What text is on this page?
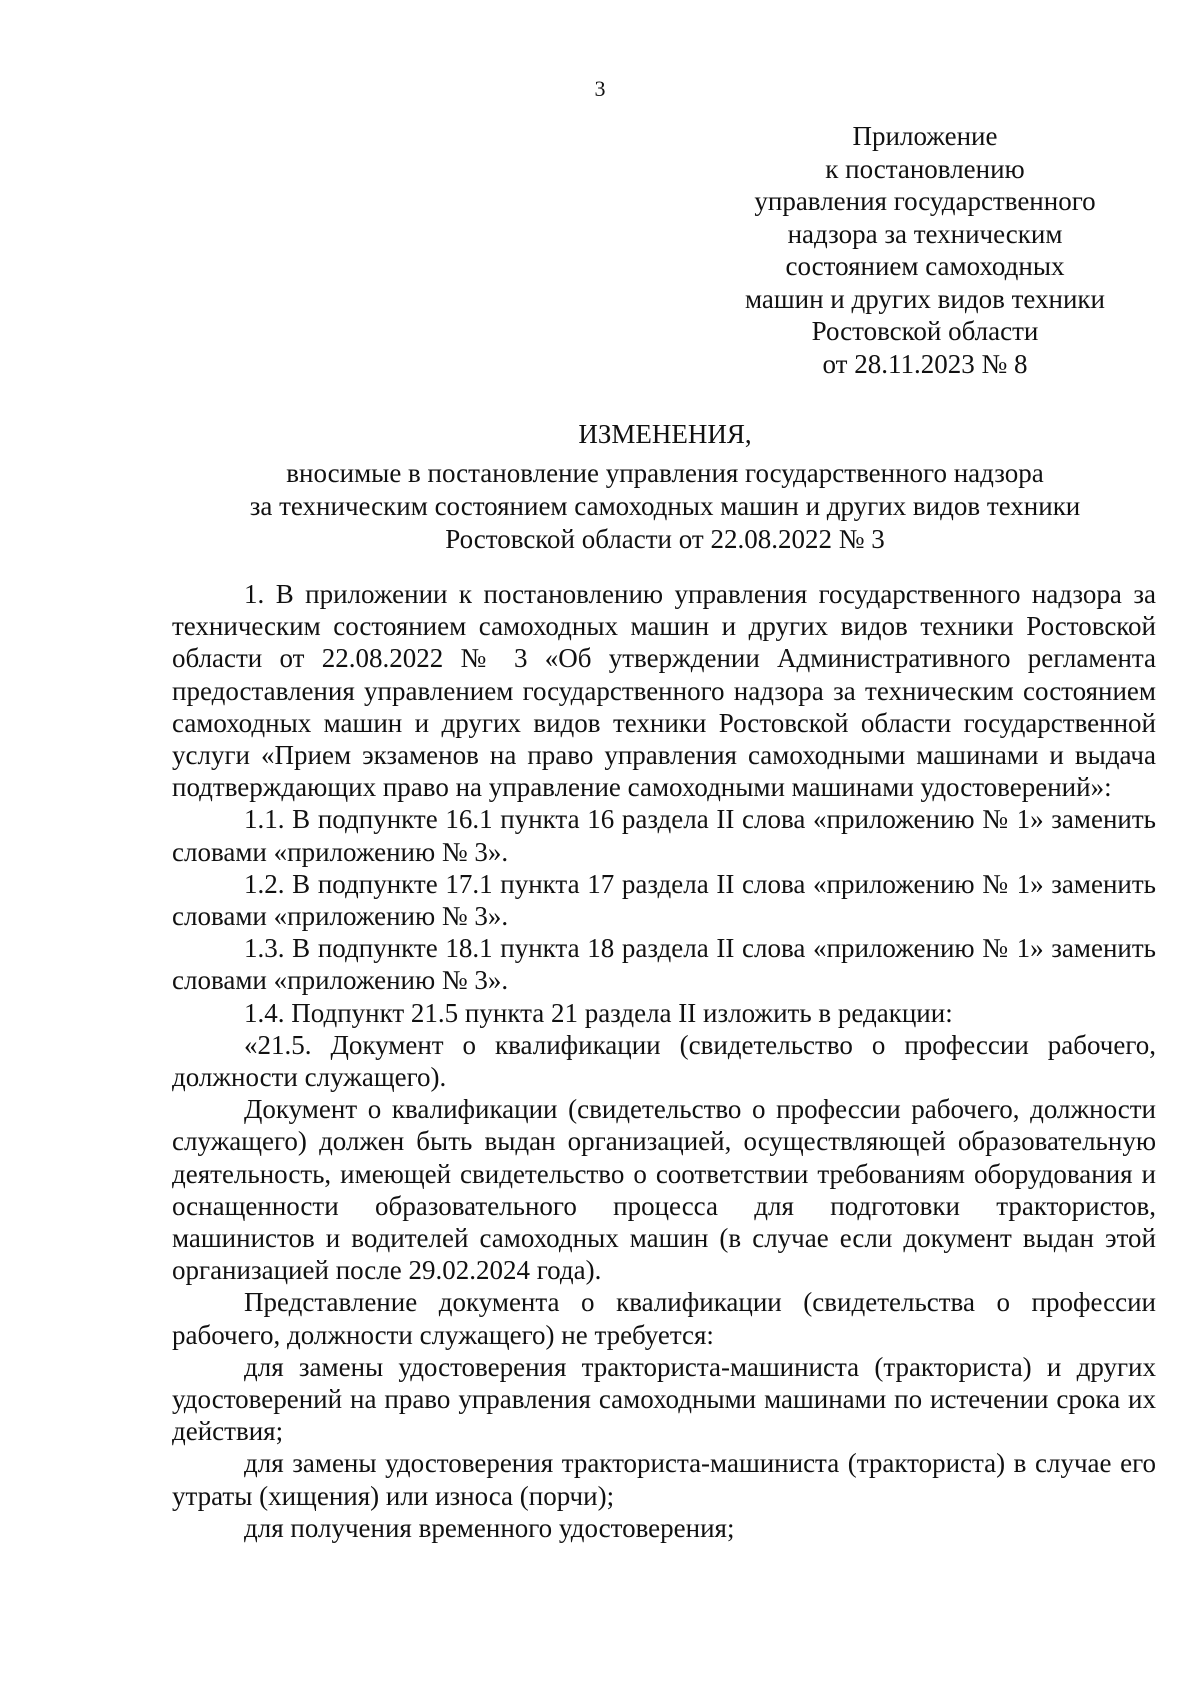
3
Приложение
к постановлению
управления государственного
надзора за техническим
состоянием самоходных
машин и других видов техники
Ростовской области
от 28.11.2023 № 8
ИЗМЕНЕНИЯ,
вносимые в постановление управления государственного надзора
за техническим состоянием самоходных машин и других видов техники
Ростовской области от 22.08.2022 № 3

1. В приложении к постановлению управления государственного надзора за техническим состоянием самоходных машин и других видов техники Ростовской области от 22.08.2022 № 3 «Об утверждении Административного регламента предоставления управлением государственного надзора за техническим состоянием самоходных машин и других видов техники Ростовской области государственной услуги «Прием экзаменов на право управления самоходными машинами и выдача подтверждающих право на управление самоходными машинами удостоверений»:

1.1. В подпункте 16.1 пункта 16 раздела II слова «приложению № 1» заменить словами «приложению № 3».

1.2. В подпункте 17.1 пункта 17 раздела II слова «приложению № 1» заменить словами «приложению № 3».

1.3. В подпункте 18.1 пункта 18 раздела II слова «приложению № 1» заменить словами «приложению № 3».

1.4. Подпункт 21.5 пункта 21 раздела II изложить в редакции:

«21.5. Документ о квалификации (свидетельство о профессии рабочего, должности служащего).

Документ о квалификации (свидетельство о профессии рабочего, должности служащего) должен быть выдан организацией, осуществляющей образовательную деятельность, имеющей свидетельство о соответствии требованиям оборудования и оснащенности образовательного процесса для подготовки трактористов, машинистов и водителей самоходных машин (в случае если документ выдан этой организацией после 29.02.2024 года).

Представление документа о квалификации (свидетельства о профессии рабочего, должности служащего) не требуется:

для замены удостоверения тракториста-машиниста (тракториста) и других удостоверений на право управления самоходными машинами по истечении срока их действия;

для замены удостоверения тракториста-машиниста (тракториста) в случае его утраты (хищения) или износа (порчи);

для получения временного удостоверения;
